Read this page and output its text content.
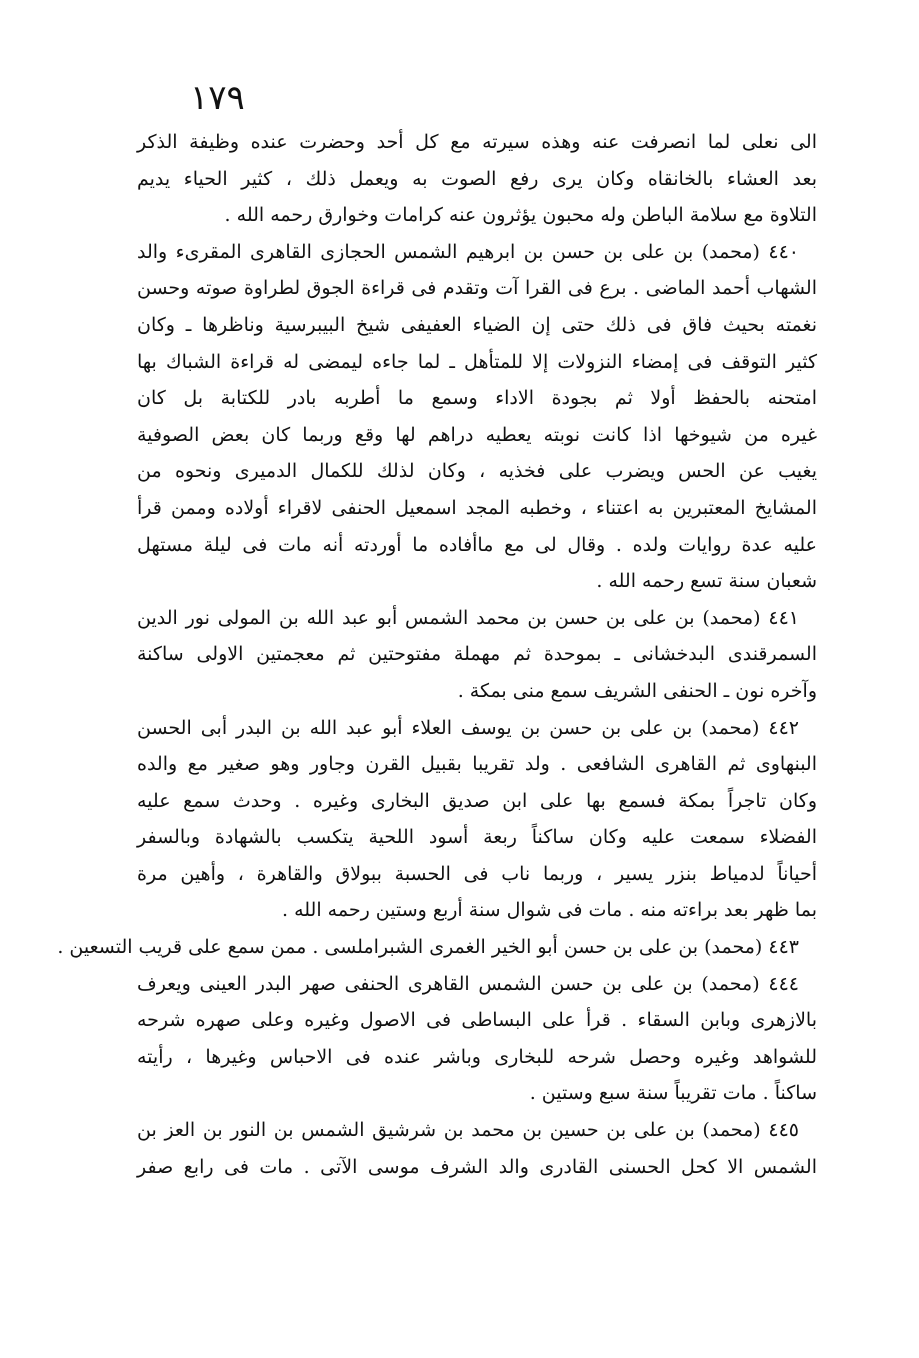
١٧٩
الى نعلى لما انصرفت عنه وهذه سيرته مع كل أحد وحضرت عنده وظيفة الذكر
بعد العشاء بالخانقاه وكان يرى رفع الصوت به ويعمل ذلك ، كثير الحياء يديم
التلاوة مع سلامة الباطن وله محبون يؤثرون عنه كرامات وخوارق رحمه الله .
٤٤٠ (محمد) بن على بن حسن بن ابرهيم الشمس الحجازى القاهرى المقرىء والد
الشهاب أحمد الماضى . برع فى القرا آت وتقدم فى قراءة الجوق لطراوة صوته وحسن
نغمته بحيث فاق فى ذلك حتى إن الضياء العفيفى شيخ البيبرسية وناظرها ـ وكان
كثير التوقف فى إمضاء النزولات إلا للمتأهل ـ لما جاءه ليمضى له قراءة الشباك بها
امتحنه بالحفظ أولا ثم بجودة الاداء وسمع ما أطربه بادر للكتابة بل كان
غيره من شيوخها اذا كانت نوبته يعطيه دراهم لها وقع وربما كان بعض الصوفية
يغيب عن الحس ويضرب على فخذيه ، وكان لذلك للكمال الدميرى ونحوه من
المشايخ المعتبرين به اعتناء ، وخطبه المجد اسمعيل الحنفى لاقراء أولاده وممن قرأ
عليه عدة روايات ولده . وقال لى مع ماأفاده ما أوردته أنه مات فى ليلة مستهل
شعبان سنة تسع رحمه الله .
٤٤١ (محمد) بن على بن حسن بن محمد الشمس أبو عبد الله بن المولى نور الدين
السمرقندى البدخشانى ـ بموحدة ثم مهملة مفتوحتين ثم معجمتين الاولى ساكنة
وآخره نون ـ الحنفى الشريف سمع منى بمكة .
٤٤٢ (محمد) بن على بن حسن بن يوسف العلاء أبو عبد الله بن البدر أبى الحسن
البنهاوى ثم القاهرى الشافعى . ولد تقريبا بقبيل القرن وجاور وهو صغير مع والده
وكان تاجراً بمكة فسمع بها على ابن صديق البخارى وغيره . وحدث سمع عليه
الفضلاء سمعت عليه وكان ساكناً ربعة أسود اللحية يتكسب بالشهادة وبالسفر
أحياناً لدمياط بنزر يسير ، وربما ناب فى الحسبة ببولاق والقاهرة ، وأهين مرة
بما ظهر بعد براءته منه . مات فى شوال سنة أربع وستين رحمه الله .
٤٤٣ (محمد) بن على بن حسن أبو الخير الغمرى الشبراملسى . ممن سمع على قريب التسعين .
٤٤٤ (محمد) بن على بن حسن الشمس القاهرى الحنفى صهر البدر العينى ويعرف
بالازهرى وبابن السقاء . قرأ على البساطى فى الاصول وغيره وعلى صهره شرحه
للشواهد وغيره وحصل شرحه للبخارى وباشر عنده فى الاحباس وغيرها ، رأيته
ساكناً . مات تقريباً سنة سبع وستين .
٤٤٥ (محمد) بن على بن حسين بن محمد بن شرشيق الشمس بن النور بن العز بن
الشمس الا كحل الحسنى القادرى والد الشرف موسى الآتى . مات فى رابع صفر
